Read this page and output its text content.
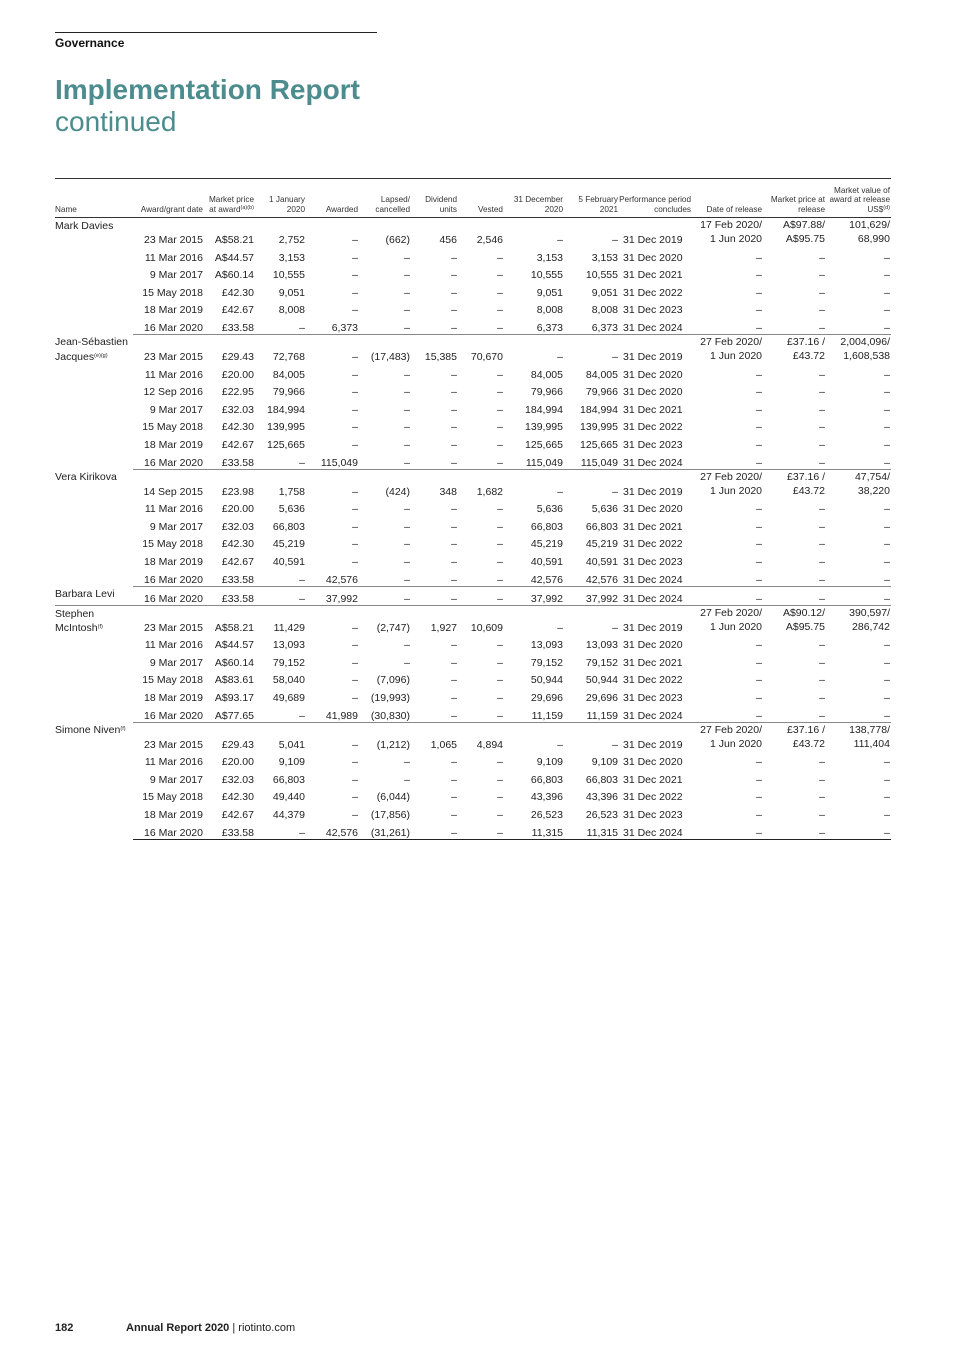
Governance
Implementation Report
continued
Name	Award/grant date	Market price at award$^{(a)(b)}$	1 January 2020	Awarded	Lapsed/ cancelled	Dividend units	Vested	31 December 2020	5 February 2021	Performance period concludes	Date of release	Market price at release	Market value of award at release US\$$^{(d)}$
Mark Davies	23 Mar 2015	A$58.21	2,752	–	(662)	456	2,546	–	–	31 Dec 2019	17 Feb 2020/ 1 Jun 2020	A$97.88/ A$95.75	101,629/ 68,990
	11 Mar 2016	A$44.57	3,153	–	–	–	–	3,153	3,153	31 Dec 2020	–	–	–
	9 Mar 2017	A$60.14	10,555	–	–	–	–	10,555	10,555	31 Dec 2021	–	–	–
	15 May 2018	£42.30	9,051	–	–	–	–	9,051	9,051	31 Dec 2022	–	–	–
	18 Mar 2019	£42.67	8,008	–	–	–	–	8,008	8,008	31 Dec 2023	–	–	–
	16 Mar 2020	£33.58	–	6,373	–	–	–	6,373	6,373	31 Dec 2024	–	–	–
Jean-Sébastien Jacques$^{(e)(g)}$	23 Mar 2015	£29.43	72,768	–	(17,483)	15,385	70,670	–	–	31 Dec 2019	27 Feb 2020/ 1 Jun 2020	£37.16 / £43.72	2,004,096/ 1,608,538
	11 Mar 2016	£20.00	84,005	–	–	–	–	84,005	84,005	31 Dec 2020	–	–	–
	12 Sep 2016	£22.95	79,966	–	–	–	–	79,966	79,966	31 Dec 2020	–	–	–
	9 Mar 2017	£32.03	184,994	–	–	–	–	184,994	184,994	31 Dec 2021	–	–	–
	15 May 2018	£42.30	139,995	–	–	–	–	139,995	139,995	31 Dec 2022	–	–	–
	18 Mar 2019	£42.67	125,665	–	–	–	–	125,665	125,665	31 Dec 2023	–	–	–
	16 Mar 2020	£33.58	–	115,049	–	–	–	115,049	115,049	31 Dec 2024	–	–	–
Vera Kirikova	14 Sep 2015	£23.98	1,758	–	(424)	348	1,682	–	–	31 Dec 2019	27 Feb 2020/ 1 Jun 2020	£37.16 / £43.72	47,754/ 38,220
	11 Mar 2016	£20.00	5,636	–	–	–	–	5,636	5,636	31 Dec 2020	–	–	–
	9 Mar 2017	£32.03	66,803	–	–	–	–	66,803	66,803	31 Dec 2021	–	–	–
	15 May 2018	£42.30	45,219	–	–	–	–	45,219	45,219	31 Dec 2022	–	–	–
	18 Mar 2019	£42.67	40,591	–	–	–	–	40,591	40,591	31 Dec 2023	–	–	–
	16 Mar 2020	£33.58	–	42,576	–	–	–	42,576	42,576	31 Dec 2024	–	–	–
Barbara Levi	16 Mar 2020	£33.58	–	37,992	–	–	–	37,992	37,992	31 Dec 2024	–	–	–
Stephen McIntosh$^{(f)}$	23 Mar 2015	A$58.21	11,429	–	(2,747)	1,927	10,609	–	–	31 Dec 2019	27 Feb 2020/ 1 Jun 2020	A$90.12/ A$95.75	390,597/ 286,742
	11 Mar 2016	A$44.57	13,093	–	–	–	–	13,093	13,093	31 Dec 2020	–	–	–
	9 Mar 2017	A$60.14	79,152	–	–	–	–	79,152	79,152	31 Dec 2021	–	–	–
	15 May 2018	A$83.61	58,040	–	(7,096)	–	–	50,944	50,944	31 Dec 2022	–	–	–
	18 Mar 2019	A$93.17	49,689	–	(19,993)	–	–	29,696	29,696	31 Dec 2023	–	–	–
	16 Mar 2020	A$77.65	–	41,989	(30,830)	–	–	11,159	11,159	31 Dec 2024	–	–	–
Simone Niven$^{(f)}$	23 Mar 2015	£29.43	5,041	–	(1,212)	1,065	4,894	–	–	31 Dec 2019	27 Feb 2020/ 1 Jun 2020	£37.16 / £43.72	138,778/ 111,404
	11 Mar 2016	£20.00	9,109	–	–	–	–	9,109	9,109	31 Dec 2020	–	–	–
	9 Mar 2017	£32.03	66,803	–	–	–	–	66,803	66,803	31 Dec 2021	–	–	–
	15 May 2018	£42.30	49,440	–	(6,044)	–	–	43,396	43,396	31 Dec 2022	–	–	–
	18 Mar 2019	£42.67	44,379	–	(17,856)	–	–	26,523	26,523	31 Dec 2023	–	–	–
	16 Mar 2020	£33.58	–	42,576	(31,261)	–	–	11,315	11,315	31 Dec 2024	–	–	–
182	Annual Report 2020 | riotinto.com
